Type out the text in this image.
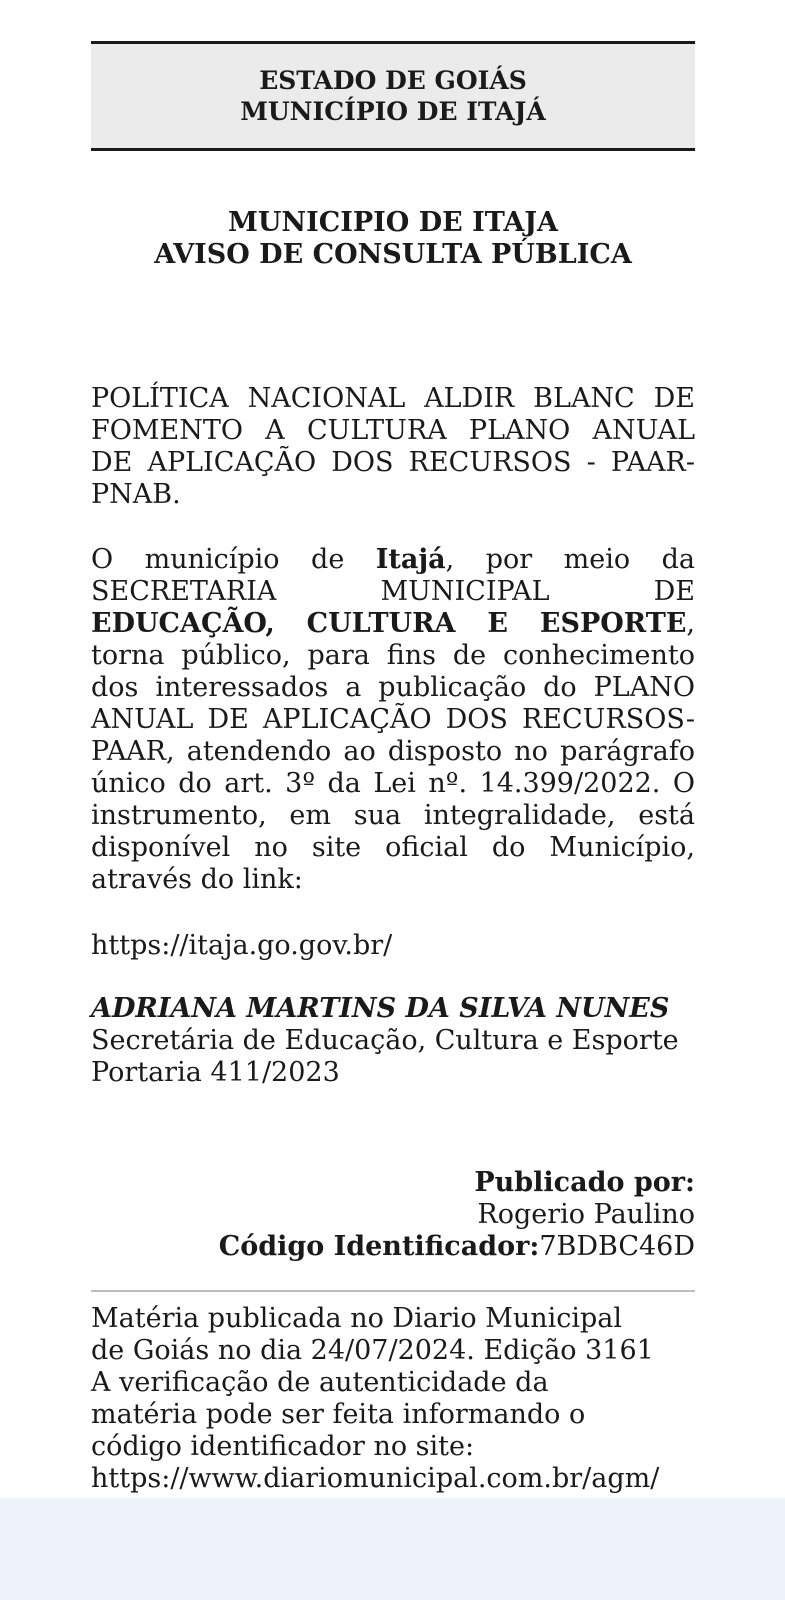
ESTADO DE GOIÁS
MUNICÍPIO DE ITAJÁ
MUNICIPIO DE ITAJA
AVISO DE CONSULTA PÚBLICA
POLÍTICA NACIONAL ALDIR BLANC DE
FOMENTO A CULTURA PLANO ANUAL
DE APLICAÇÃO DOS RECURSOS - PAAR-
PNAB.
O município de Itajá, por meio da
SECRETARIA MUNICIPAL DE
EDUCAÇÃO, CULTURA E ESPORTE,
torna público, para fins de conhecimento dos interessados a publicação do PLANO ANUAL DE APLICAÇÃO DOS RECURSOS-PAAR, atendendo ao disposto no parágrafo único do art. 3º da Lei nº. 14.399/2022. O instrumento, em sua integralidade, está disponível no site oficial do Município, através do link:
https://itaja.go.gov.br/
ADRIANA MARTINS DA SILVA NUNES
Secretária de Educação, Cultura e Esporte
Portaria 411/2023
Publicado por:
Rogerio Paulino
Código Identificador:7BDBC46D
Matéria publicada no Diario Municipal
de Goiás no dia 24/07/2024. Edição 3161
A verificação de autenticidade da
matéria pode ser feita informando o
código identificador no site:
https://www.diariomunicipal.com.br/agm/
